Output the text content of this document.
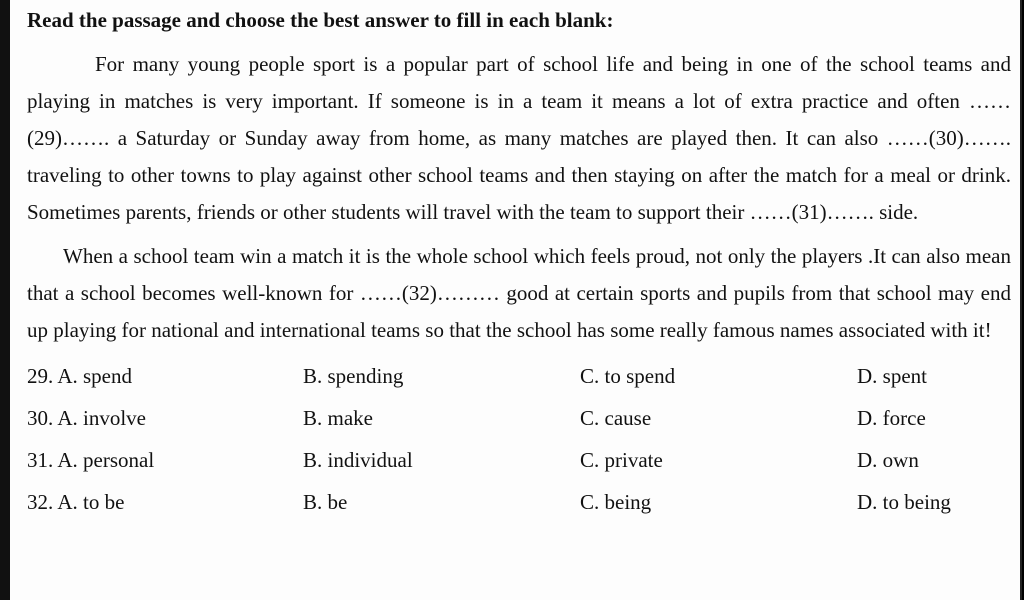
Read the passage and choose the best answer to fill in each blank:

For many young people sport is a popular part of school life and being in one of the school teams and playing in matches is very important. If someone is in a team it means a lot of extra practice and often ……(29)……. a Saturday or Sunday away from home, as many matches are played then. It can also ……(30)……. traveling to other towns to play against other school teams and then staying on after the match for a meal or drink. Sometimes parents, friends or other students will travel with the team to support their ……(31)……. side.

When a school team win a match it is the whole school which feels proud, not only the players .It can also mean that a school becomes well-known for ……(32)……… good at certain sports and pupils from that school may end up playing for national and international teams so that the school has some really famous names associated with it!

29. A. spend	B. spending	C. to spend	D. spent
30. A. involve	B. make	C. cause	D. force
31. A. personal	B. individual	C. private	D. own
32. A. to be	B. be	C. being	D. to being
